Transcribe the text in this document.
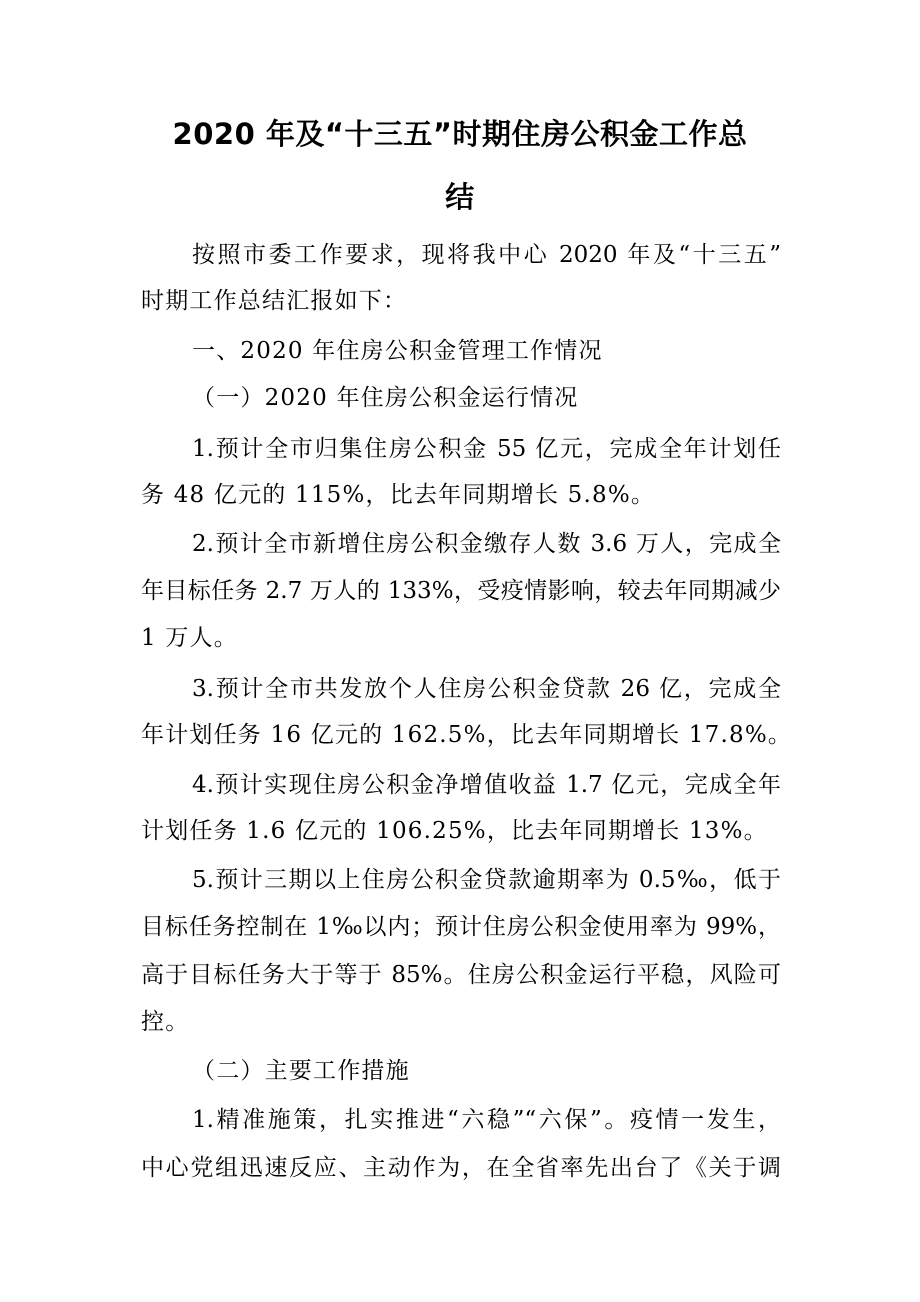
2020 年及“十三五”时期住房公积金工作总
结
按照市委工作要求，现将我中心 2020 年及“十三五”
时期工作总结汇报如下：
一、2020 年住房公积金管理工作情况
（一）2020 年住房公积金运行情况
1.预计全市归集住房公积金 55 亿元，完成全年计划任
务 48 亿元的 115%，比去年同期增长 5.8%。
2.预计全市新增住房公积金缴存人数 3.6 万人，完成全
年目标任务 2.7 万人的 133%，受疫情影响，较去年同期减少
1 万人。
3.预计全市共发放个人住房公积金贷款 26 亿，完成全
年计划任务 16 亿元的 162.5%，比去年同期增长 17.8%。
4.预计实现住房公积金净增值收益 1.7 亿元，完成全年
计划任务 1.6 亿元的 106.25%，比去年同期增长 13%。
5.预计三期以上住房公积金贷款逾期率为 0.5‰，低于
目标任务控制在 1‰以内；预计住房公积金使用率为 99%，
高于目标任务大于等于 85%。住房公积金运行平稳，风险可
控。
（二）主要工作措施
1.精准施策，扎实推进“六稳”“六保”。疫情一发生，
中心党组迅速反应、主动作为，在全省率先出台了《关于调
